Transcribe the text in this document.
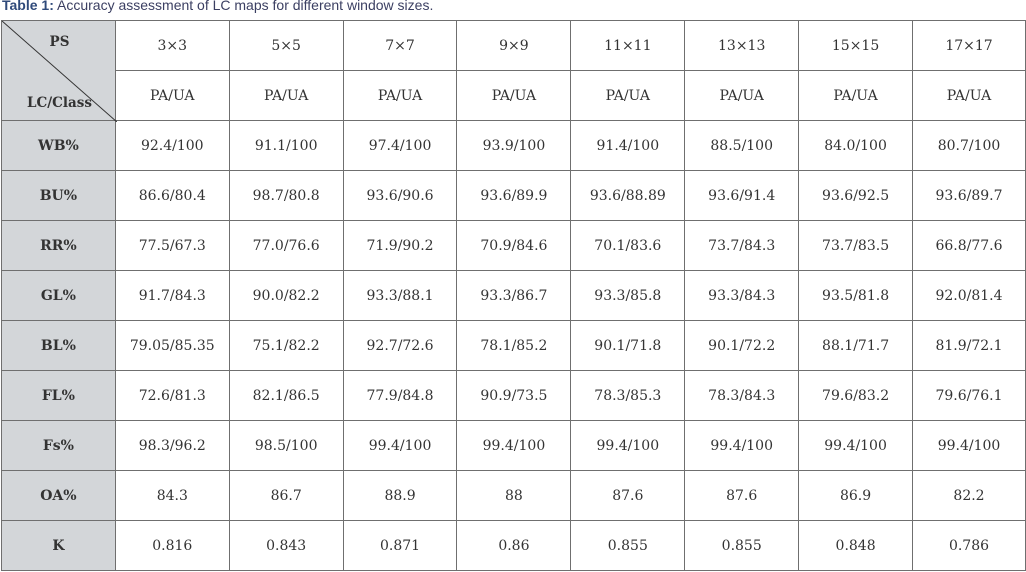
Table 1: Accuracy assessment of LC maps for different window sizes.
PS
LC/Class	3×3	5×5	7×7	9×9	11×11	13×13	15×15	17×17
	PA/UA	PA/UA	PA/UA	PA/UA	PA/UA	PA/UA	PA/UA	PA/UA
WB%	92.4/100	91.1/100	97.4/100	93.9/100	91.4/100	88.5/100	84.0/100	80.7/100
BU%	86.6/80.4	98.7/80.8	93.6/90.6	93.6/89.9	93.6/88.89	93.6/91.4	93.6/92.5	93.6/89.7
RR%	77.5/67.3	77.0/76.6	71.9/90.2	70.9/84.6	70.1/83.6	73.7/84.3	73.7/83.5	66.8/77.6
GL%	91.7/84.3	90.0/82.2	93.3/88.1	93.3/86.7	93.3/85.8	93.3/84.3	93.5/81.8	92.0/81.4
BL%	79.05/85.35	75.1/82.2	92.7/72.6	78.1/85.2	90.1/71.8	90.1/72.2	88.1/71.7	81.9/72.1
FL%	72.6/81.3	82.1/86.5	77.9/84.8	90.9/73.5	78.3/85.3	78.3/84.3	79.6/83.2	79.6/76.1
Fs%	98.3/96.2	98.5/100	99.4/100	99.4/100	99.4/100	99.4/100	99.4/100	99.4/100
OA%	84.3	86.7	88.9	88	87.6	87.6	86.9	82.2
K	0.816	0.843	0.871	0.86	0.855	0.855	0.848	0.786
